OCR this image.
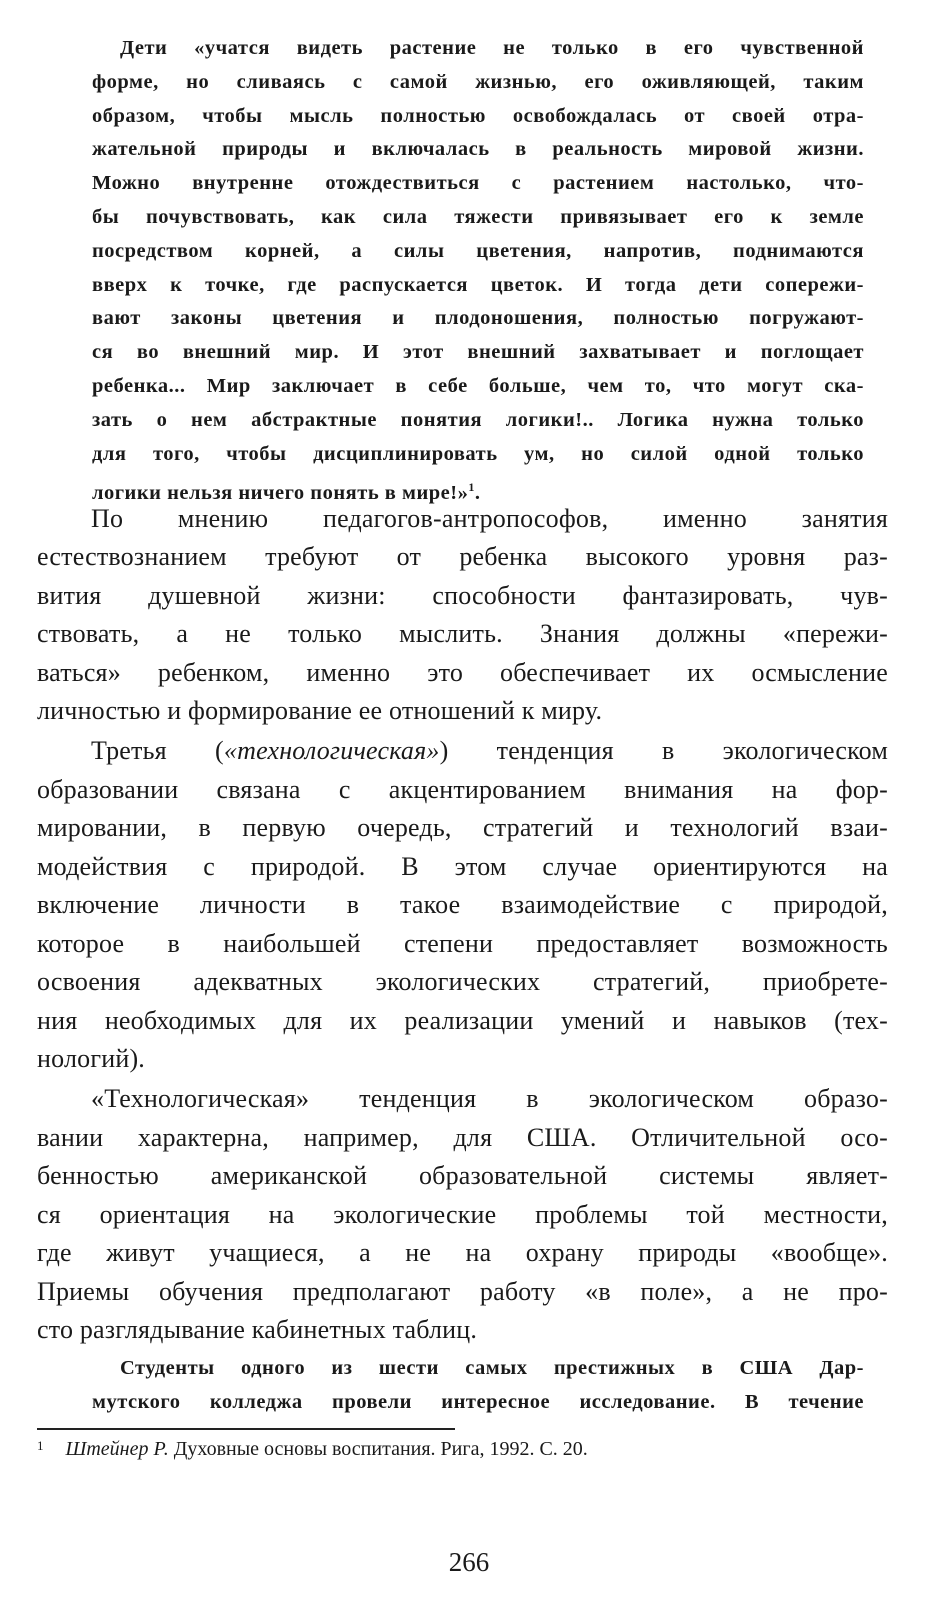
Дети «учатся видеть растение не только в его чувственной
форме, но сливаясь с самой жизнью, его оживляющей, таким
образом, чтобы мысль полностью освобождалась от своей отра-
жательной природы и включалась в реальность мировой жизни.
Можно внутренне отождествиться с растением настолько, что-
бы почувствовать, как сила тяжести привязывает его к земле
посредством корней, а силы цветения, напротив, поднимаются
вверх к точке, где распускается цветок. И тогда дети сопережи-
вают законы цветения и плодоношения, полностью погружают-
ся во внешний мир. И этот внешний захватывает и поглощает
ребенка... Мир заключает в себе больше, чем то, что могут ска-
зать о нем абстрактные понятия логики!.. Логика нужна только
для того, чтобы дисциплинировать ум, но силой одной только
логики нельзя ничего понять в мире!»$^1$.
По мнению педагогов-антропософов, именно занятия
естествознанием требуют от ребенка высокого уровня раз-
вития душевной жизни: способности фантазировать, чув-
ствовать, а не только мыслить. Знания должны «пережи-
ваться» ребенком, именно это обеспечивает их осмысление
личностью и формирование ее отношений к миру.
Третья («технологическая») тенденция в экологическом
образовании связана с акцентированием внимания на фор-
мировании, в первую очередь, стратегий и технологий взаи-
модействия с природой. В этом случае ориентируются на
включение личности в такое взаимодействие с природой,
которое в наибольшей степени предоставляет возможность
освоения адекватных экологических стратегий, приобрете-
ния необходимых для их реализации умений и навыков (тех-
нологий).
«Технологическая» тенденция в экологическом образо-
вании характерна, например, для США. Отличительной осо-
бенностью американской образовательной системы являет-
ся ориентация на экологические проблемы той местности,
где живут учащиеся, а не на охрану природы «вообще».
Приемы обучения предполагают работу «в поле», а не про-
сто разглядывание кабинетных таблиц.
Студенты одного из шести самых престижных в США Дар-
мутского колледжа провели интересное исследование. В течение
$^1$ Штейнер Р. Духовные основы воспитания. Рига, 1992. С. 20.
266
